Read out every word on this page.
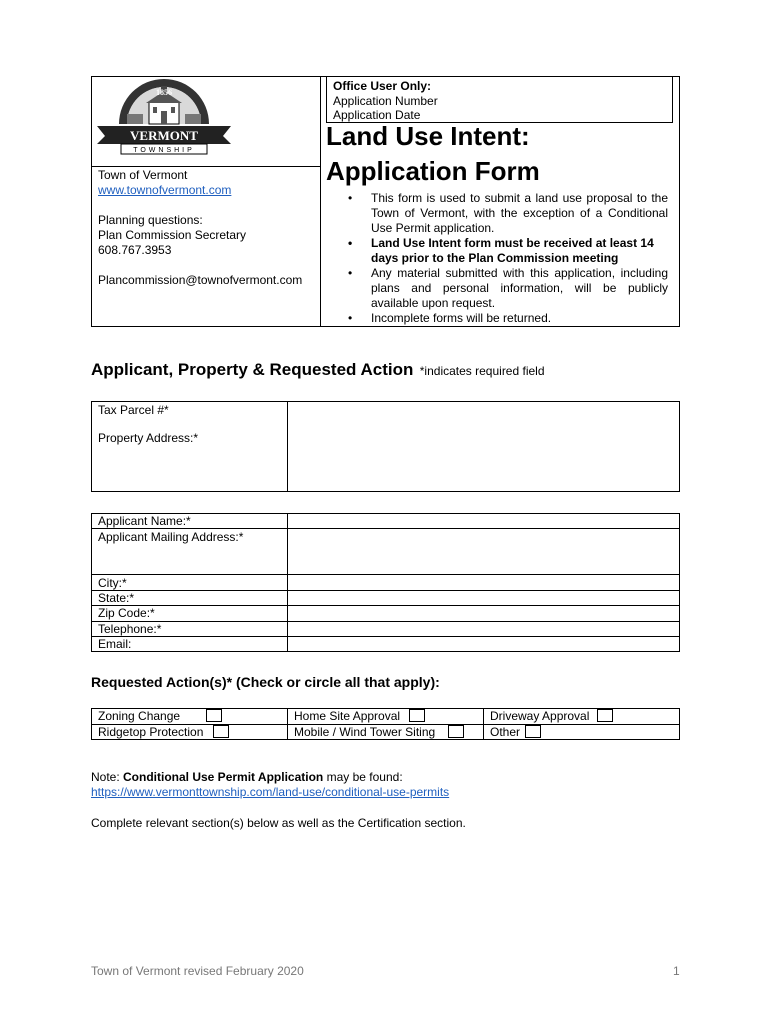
1856
VERMONT
TOWNSHIP
Town of Vermont
www.townofvermont.com
Planning questions:
Plan Commission Secretary
608.767.3953
Plancommission@townofvermont.com
Office User Only:
Application Number
Application Date
Land Use Intent:
Application Form
• This form is used to submit a land use proposal to the Town of Vermont, with the exception of a Conditional Use Permit application.
• Land Use Intent form must be received at least 14 days prior to the Plan Commission meeting
• Any material submitted with this application, including plans and personal information, will be publicly available upon request.
• Incomplete forms will be returned.
Applicant, Property & Requested Action *indicates required field
Tax Parcel #*
Property Address:*
Applicant Name:*
Applicant Mailing Address:*
City:*
State:*
Zip Code:*
Telephone:*
Email:
Requested Action(s)* (Check or circle all that apply):
Zoning Change	Home Site Approval	Driveway Approval
Ridgetop Protection	Mobile / Wind Tower Siting	Other
Note: Conditional Use Permit Application may be found:
https://www.vermonttownship.com/land-use/conditional-use-permits
Complete relevant section(s) below as well as the Certification section.
Town of Vermont revised February 2020	1
